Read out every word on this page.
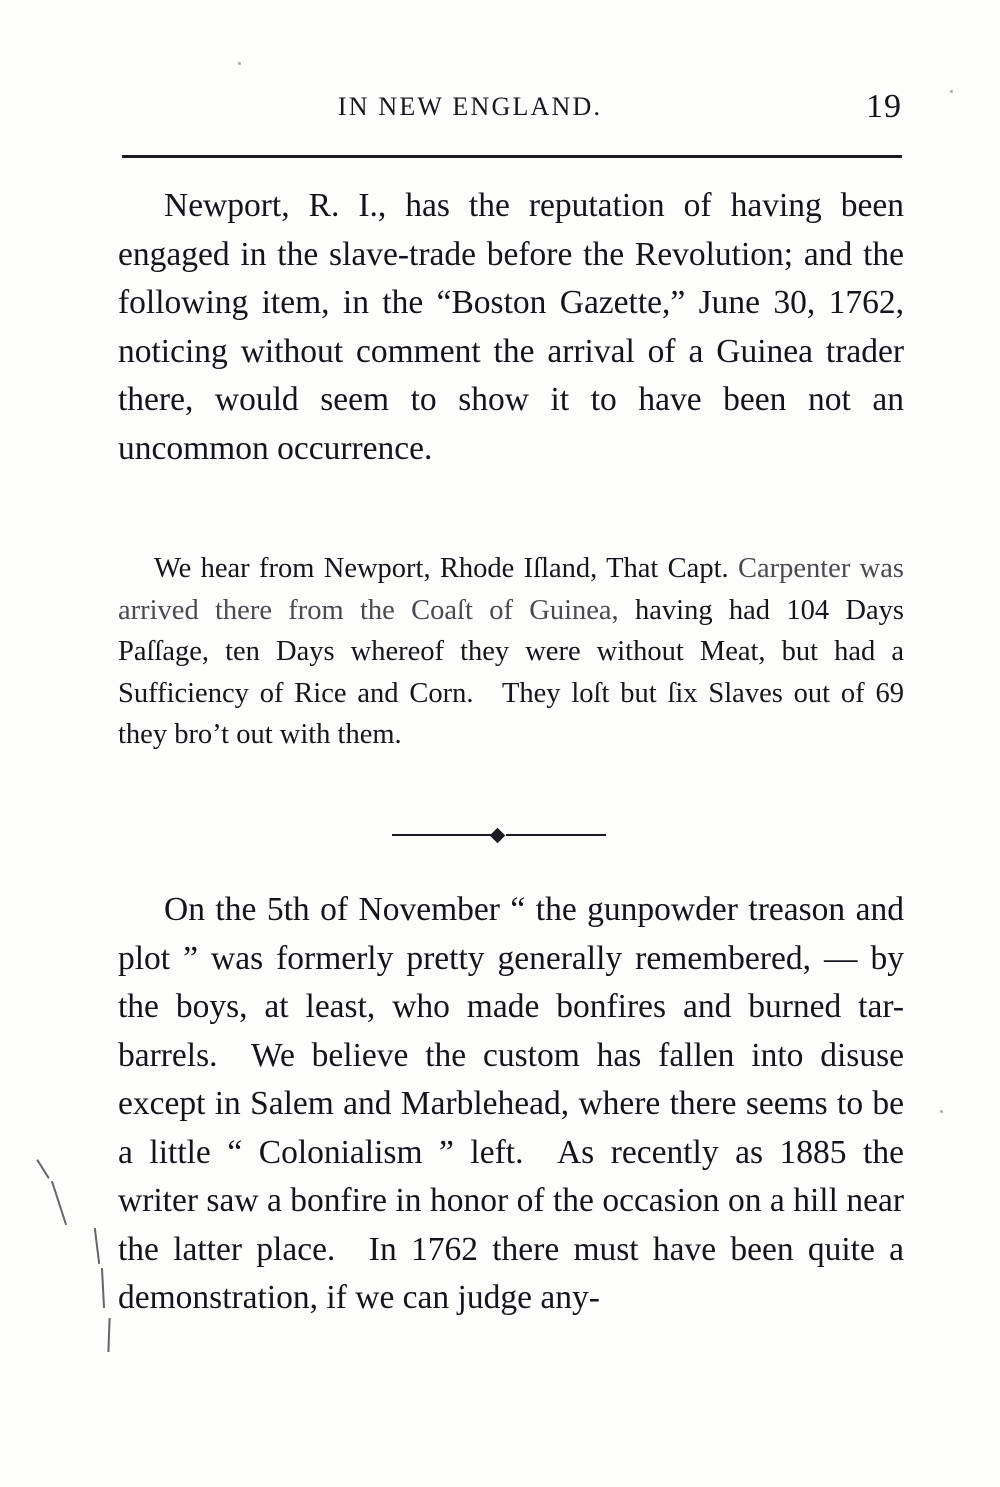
IN NEW ENGLAND.	19
Newport, R. I., has the reputation of having been engaged in the slave-trade before the Revolution; and the following item, in the “Boston Gazette,” June 30, 1762, noticing without comment the arrival of a Guinea trader there, would seem to show it to have been not an uncommon occurrence.
We hear from Newport, Rhode Iſland, That Capt. Carpenter was arrived there from the Coaſt of Guinea, having had 104 Days Paſſage, ten Days whereof they were without Meat, but had a Sufficiency of Rice and Corn. They loſt but ſix Slaves out of 69 they bro’t out with them.
On the 5th of November “ the gunpowder treason and plot ” was formerly pretty generally remembered, — by the boys, at least, who made bonfires and burned tar-barrels. We believe the custom has fallen into disuse except in Salem and Marblehead, where there seems to be a little “ Colonialism ” left. As recently as 1885 the writer saw a bonfire in honor of the occasion on a hill near the latter place. In 1762 there must have been quite a demonstration, if we can judge any-
